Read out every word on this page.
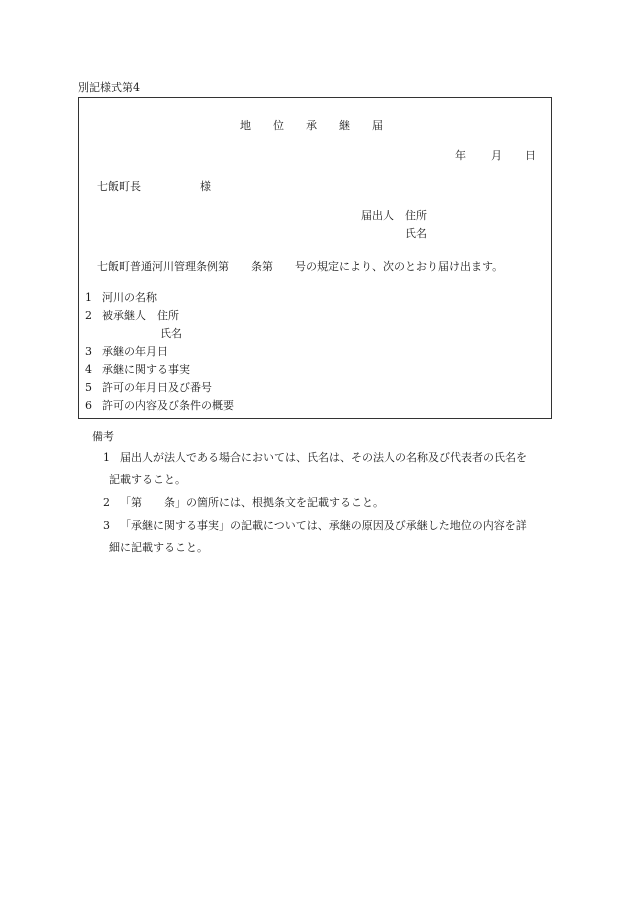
別記様式第4
地　　位　　承　　継　　届
年 月 日
七飯町長	様
届出人 住所
氏名
七飯町普通河川管理条例第　　条第　　号の規定により、次のとおり届け出ます。
1 河川の名称
2 被承継人　住所
氏名
3 承継の年月日
4 承継に関する事実
5 許可の年月日及び番号
6 許可の内容及び条件の概要
備考
1 届出人が法人である場合においては、氏名は、その法人の名称及び代表者の氏名を
記載すること。
2 「第　　条」の箇所には、根拠条文を記載すること。
3 「承継に関する事実」の記載については、承継の原因及び承継した地位の内容を詳
細に記載すること。
